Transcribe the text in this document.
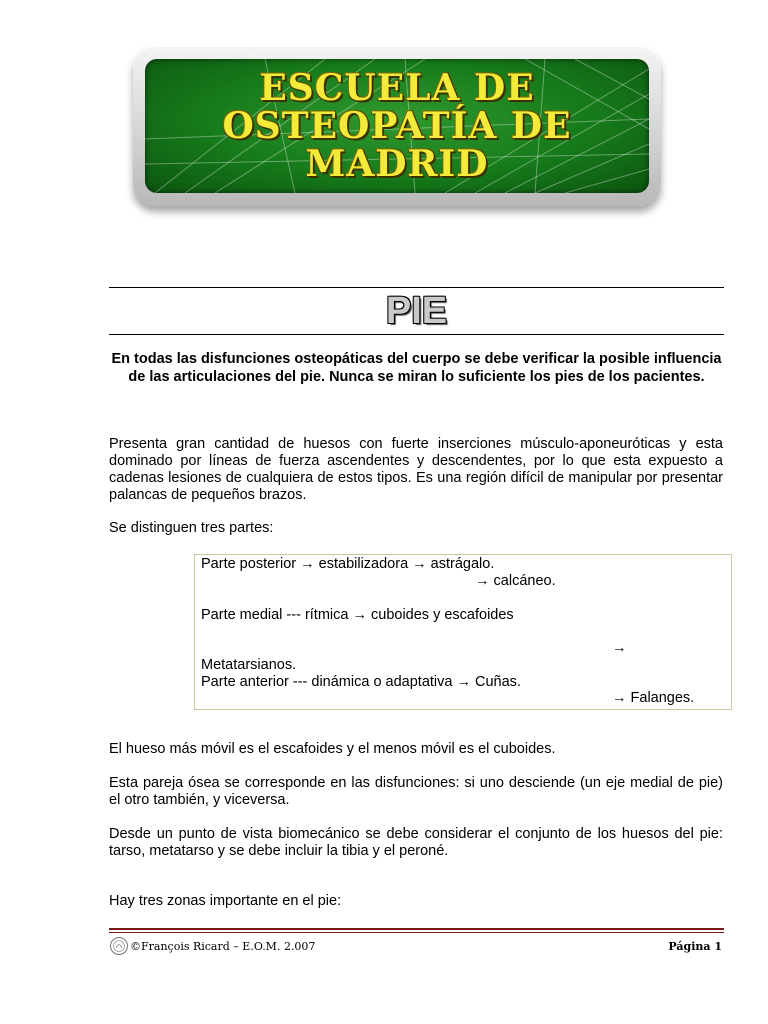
ESCUELA DE
OSTEOPATÍA DE
MADRID
PIE
En todas las disfunciones osteopáticas del cuerpo se debe verificar la posible influencia de las articulaciones del pie. Nunca se miran lo suficiente los pies de los pacientes.
Presenta gran cantidad de huesos con fuerte inserciones músculo-aponeuróticas y esta dominado por líneas de fuerza ascendentes y descendentes, por lo que esta expuesto a cadenas lesiones de cualquiera de estos tipos. Es una región difícil de manipular por presentar palancas de pequeños brazos.
Se distinguen tres partes:
Parte posterior → estabilizadora → astrágalo.
→ calcáneo.
Parte medial --- rítmica → cuboides y escafoides
→
Metatarsianos.
Parte anterior --- dinámica o adaptativa → Cuñas.
→ Falanges.
El hueso más móvil es el escafoides y el menos móvil es el cuboides.
Esta pareja ósea se corresponde en las disfunciones: si uno desciende (un eje medial de pie) el otro también, y viceversa.
Desde un punto de vista biomecánico se debe considerar el conjunto de los huesos del pie: tarso, metatarso y se debe incluir la tibia y el peroné.
Hay tres zonas importante en el pie:
©François Ricard – E.O.M. 2.007	Página 1
